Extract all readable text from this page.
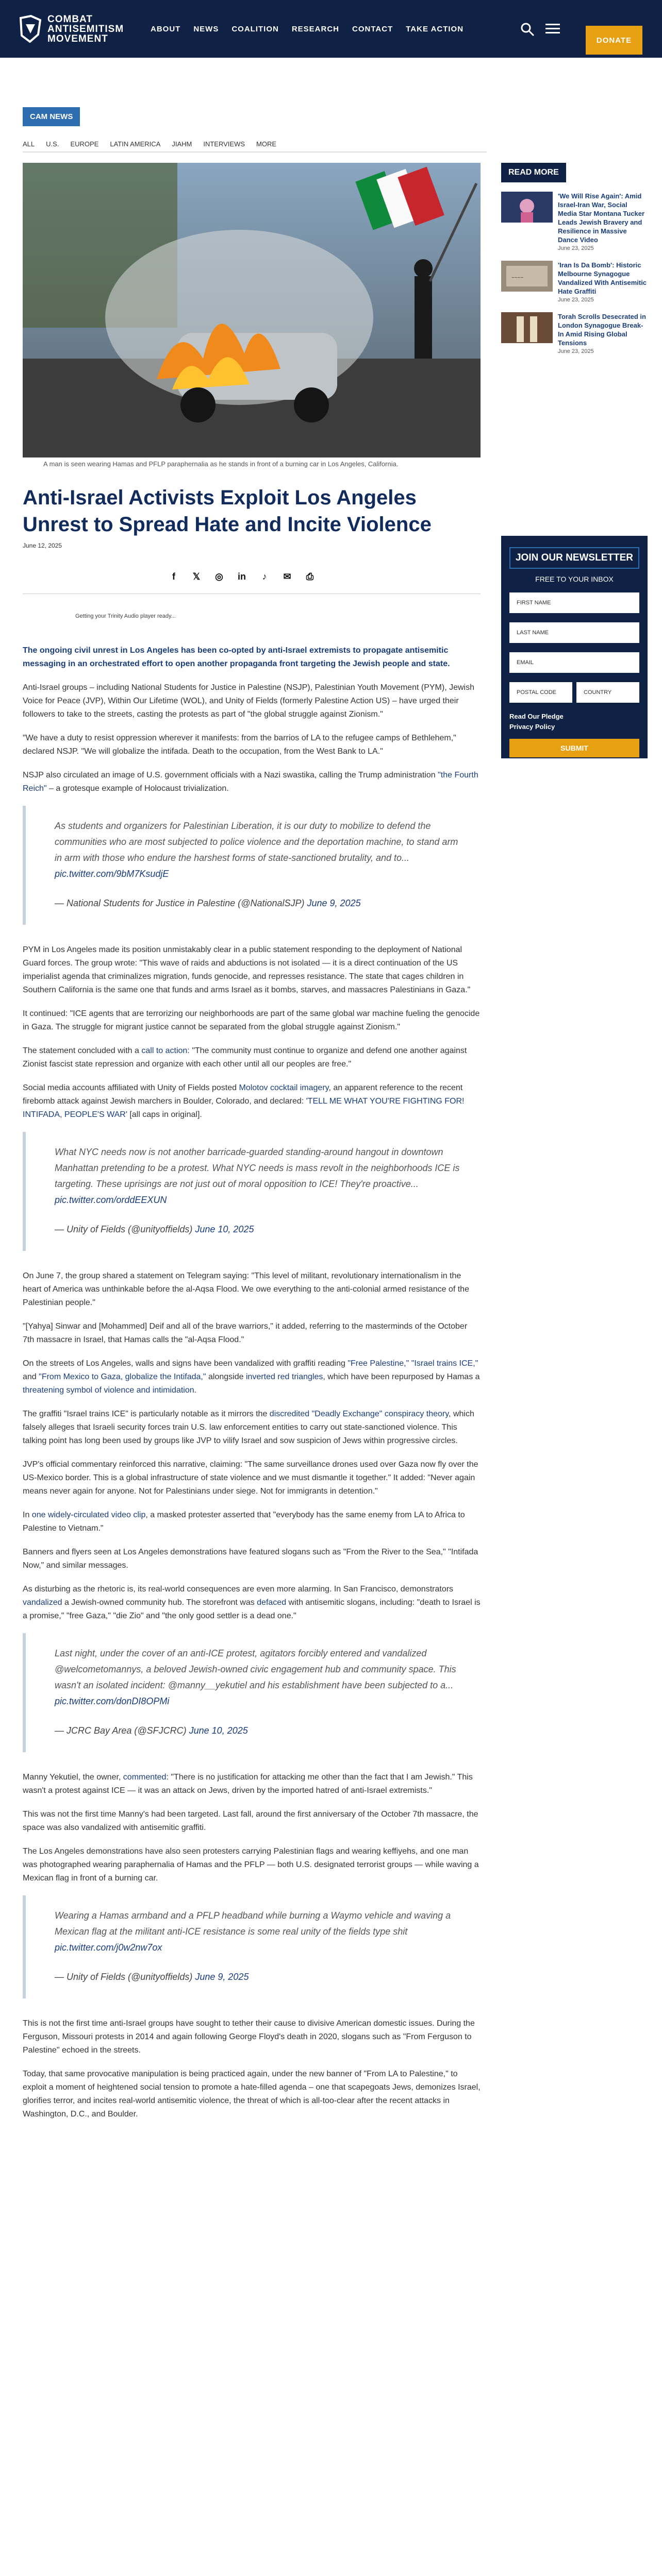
COMBAT
ANTISEMITISM
MOVEMENT
ABOUT NEWS COALITION RESEARCH CONTACT TAKE ACTION
DONATE
CAM NEWS
ALL U.S. EUROPE LATIN AMERICA JIAHM INTERVIEWS MORE
A man is seen wearing Hamas and PFLP paraphernalia as he stands in front of a burning car in Los Angeles, California.
Anti-Israel Activists Exploit Los Angeles Unrest to Spread Hate and Incite Violence
June 12, 2025
f	𝕏 ◎ in	♪	✉ ⎙
Getting your Trinity Audio player ready...

The ongoing civil unrest in Los Angeles has been co-opted by anti-Israel extremists to propagate antisemitic messaging in an orchestrated effort to open another propaganda front targeting the Jewish people and state.

Anti-Israel groups – including National Students for Justice in Palestine (NSJP), Palestinian Youth Movement (PYM), Jewish Voice for Peace (JVP), Within Our Lifetime (WOL), and Unity of Fields (formerly Palestine Action US) – have urged their followers to take to the streets, casting the protests as part of "the global struggle against Zionism."

"We have a duty to resist oppression wherever it manifests: from the barrios of LA to the refugee camps of Bethlehem," declared NSJP. "We will globalize the intifada. Death to the occupation, from the West Bank to LA."

NSJP also circulated an image of U.S. government officials with a Nazi swastika, calling the Trump administration "the Fourth Reich" – a grotesque example of Holocaust trivialization.

As students and organizers for Palestinian Liberation, it is our duty to mobilize to defend the communities who are most subjected to police violence and the deportation machine, to stand arm in arm with those who endure the harshest forms of state-sanctioned brutality, and to...
pic.twitter.com/9bM7KsudjE
— National Students for Justice in Palestine (@NationalSJP) June 9, 2025

PYM in Los Angeles made its position unmistakably clear in a public statement responding to the deployment of National Guard forces. The group wrote: "This wave of raids and abductions is not isolated — it is a direct continuation of the US imperialist agenda that criminalizes migration, funds genocide, and represses resistance. The state that cages children in Southern California is the same one that funds and arms Israel as it bombs, starves, and massacres Palestinians in Gaza."

It continued: "ICE agents that are terrorizing our neighborhoods are part of the same global war machine fueling the genocide in Gaza. The struggle for migrant justice cannot be separated from the global struggle against Zionism."

The statement concluded with a call to action: "The community must continue to organize and defend one another against Zionist fascist state repression and organize with each other until all our peoples are free."

Social media accounts affiliated with Unity of Fields posted Molotov cocktail imagery, an apparent reference to the recent firebomb attack against Jewish marchers in Boulder, Colorado, and declared: 'TELL ME WHAT YOU'RE FIGHTING FOR! INTIFADA, PEOPLE'S WAR' [all caps in original].

What NYC needs now is not another barricade-guarded standing-around hangout in downtown Manhattan pretending to be a protest. What NYC needs is mass revolt in the neighborhoods ICE is targeting. These uprisings are not just out of moral opposition to ICE! They're proactive...
pic.twitter.com/orddEEXUN
— Unity of Fields (@unityoffields) June 10, 2025

On June 7, the group shared a statement on Telegram saying: "This level of militant, revolutionary internationalism in the heart of America was unthinkable before the al-Aqsa Flood. We owe everything to the anti-colonial armed resistance of the Palestinian people."

"[Yahya] Sinwar and [Mohammed] Deif and all of the brave warriors," it added, referring to the masterminds of the October 7th massacre in Israel, that Hamas calls the "al-Aqsa Flood."

On the streets of Los Angeles, walls and signs have been vandalized with graffiti reading "Free Palestine," "Israel trains ICE," and "From Mexico to Gaza, globalize the Intifada," alongside inverted red triangles, which have been repurposed by Hamas a threatening symbol of violence and intimidation.

The graffiti "Israel trains ICE" is particularly notable as it mirrors the discredited "Deadly Exchange" conspiracy theory, which falsely alleges that Israeli security forces train U.S. law enforcement entities to carry out state-sanctioned violence. This talking point has long been used by groups like JVP to vilify Israel and sow suspicion of Jews within progressive circles.

JVP's official commentary reinforced this narrative, claiming: "The same surveillance drones used over Gaza now fly over the US-Mexico border. This is a global infrastructure of state violence and we must dismantle it together." It added: "Never again means never again for anyone. Not for Palestinians under siege. Not for immigrants in detention."

In one widely-circulated video clip, a masked protester asserted that "everybody has the same enemy from LA to Africa to Palestine to Vietnam."

Banners and flyers seen at Los Angeles demonstrations have featured slogans such as "From the River to the Sea," "Intifada Now," and similar messages.

As disturbing as the rhetoric is, its real-world consequences are even more alarming. In San Francisco, demonstrators vandalized a Jewish-owned community hub. The storefront was defaced with antisemitic slogans, including: "death to Israel is a promise," "free Gaza," "die Zio" and "the only good settler is a dead one."

Last night, under the cover of an anti-ICE protest, agitators forcibly entered and vandalized @welcometomannys, a beloved Jewish-owned civic engagement hub and community space. This wasn't an isolated incident: @manny__yekutiel and his establishment have been subjected to a...
pic.twitter.com/donDI8OPMi
— JCRC Bay Area (@SFJCRC) June 10, 2025

Manny Yekutiel, the owner, commented: "There is no justification for attacking me other than the fact that I am Jewish." This wasn't a protest against ICE — it was an attack on Jews, driven by the imported hatred of anti-Israel extremists."

This was not the first time Manny's had been targeted. Last fall, around the first anniversary of the October 7th massacre, the space was also vandalized with antisemitic graffiti.

The Los Angeles demonstrations have also seen protesters carrying Palestinian flags and wearing keffiyehs, and one man was photographed wearing paraphernalia of Hamas and the PFLP — both U.S. designated terrorist groups — while waving a Mexican flag in front of a burning car.

Wearing a Hamas armband and a PFLP headband while burning a Waymo vehicle and waving a Mexican flag at the militant anti-ICE resistance is some real unity of the fields type shit
pic.twitter.com/j0w2nw7ox
— Unity of Fields (@unityoffields) June 9, 2025

This is not the first time anti-Israel groups have sought to tether their cause to divisive American domestic issues. During the Ferguson, Missouri protests in 2014 and again following George Floyd's death in 2020, slogans such as "From Ferguson to Palestine" echoed in the streets.

Today, that same provocative manipulation is being practiced again, under the new banner of "From LA to Palestine," to exploit a moment of heightened social tension to promote a hate-filled agenda – one that scapegoats Jews, demonizes Israel, glorifies terror, and incites real-world antisemitic violence, the threat of which is all-too-clear after the recent attacks in Washington, D.C., and Boulder.

READ MORE
'We Will Rise Again': Amid Israel-Iran War, Social Media Star Montana Tucker Leads Jewish Bravery and Resilience in Massive Dance Video
June 23, 2025
~~~~
'Iran Is Da Bomb': Historic Melbourne Synagogue Vandalized With Antisemitic Hate Graffiti
June 23, 2025
Torah Scrolls Desecrated in London Synagogue Break-In Amid Rising Global Tensions
June 23, 2025
JOIN OUR NEWSLETTER
FREE TO YOUR INBOX
FIRST NAME
LAST NAME
EMAIL
POSTAL CODE	COUNTRY
Read Our Pledge
Privacy Policy
SUBMIT
